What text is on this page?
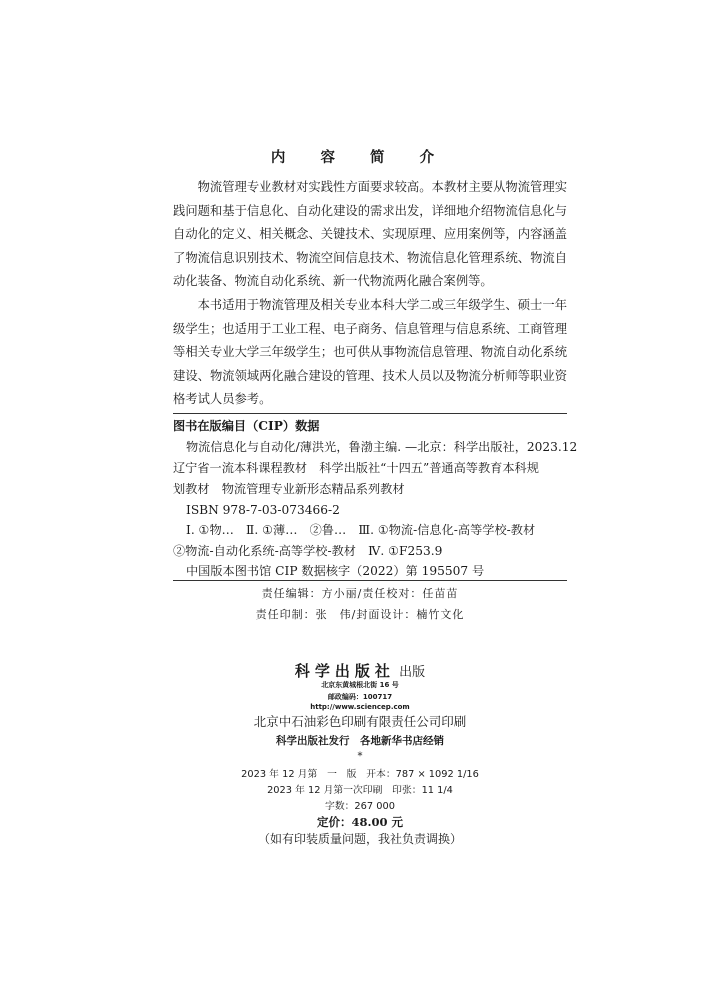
内 容 简 介

物流管理专业教材对实践性方面要求较高。本教材主要从物流管理实践问题和基于信息化、自动化建设的需求出发，详细地介绍物流信息化与自动化的定义、相关概念、关键技术、实现原理、应用案例等，内容涵盖了物流信息识别技术、物流空间信息技术、物流信息化管理系统、物流自动化装备、物流自动化系统、新一代物流两化融合案例等。

本书适用于物流管理及相关专业本科大学二或三年级学生、硕士一年级学生；也适用于工业工程、电子商务、信息管理与信息系统、工商管理等相关专业大学三年级学生；也可供从事物流信息管理、物流自动化系统建设、物流领域两化融合建设的管理、技术人员以及物流分析师等职业资格考试人员参考。

图书在版编目（CIP）数据
物流信息化与自动化/薄洪光，鲁渤主编. —北京：科学出版社，2023.12
辽宁省一流本科课程教材　科学出版社“十四五”普通高等教育本科规
划教材　物流管理专业新形态精品系列教材
ISBN 978-7-03-073466-2
Ⅰ. ①物…　Ⅱ. ①薄…　②鲁…　Ⅲ. ①物流-信息化-高等学校-教材
②物流-自动化系统-高等学校-教材　Ⅳ. ①F253.9
中国版本图书馆 CIP 数据核字（2022）第 195507 号
责任编辑：方小丽/责任校对：任苗苗
责任印制：张　伟/封面设计：楠竹文化
科学出版社 出版
北京东黄城根北街 16 号
邮政编码：100717
http://www.sciencep.com
北京中石油彩色印刷有限责任公司印刷
科学出版社发行　各地新华书店经销
*
2023 年 12 月第　一　版　开本：787 × 1092 1/16
2023 年 12 月第一次印刷　印张：11 1/4
字数：267 000
定价：48.00 元
（如有印装质量问题，我社负责调换）
